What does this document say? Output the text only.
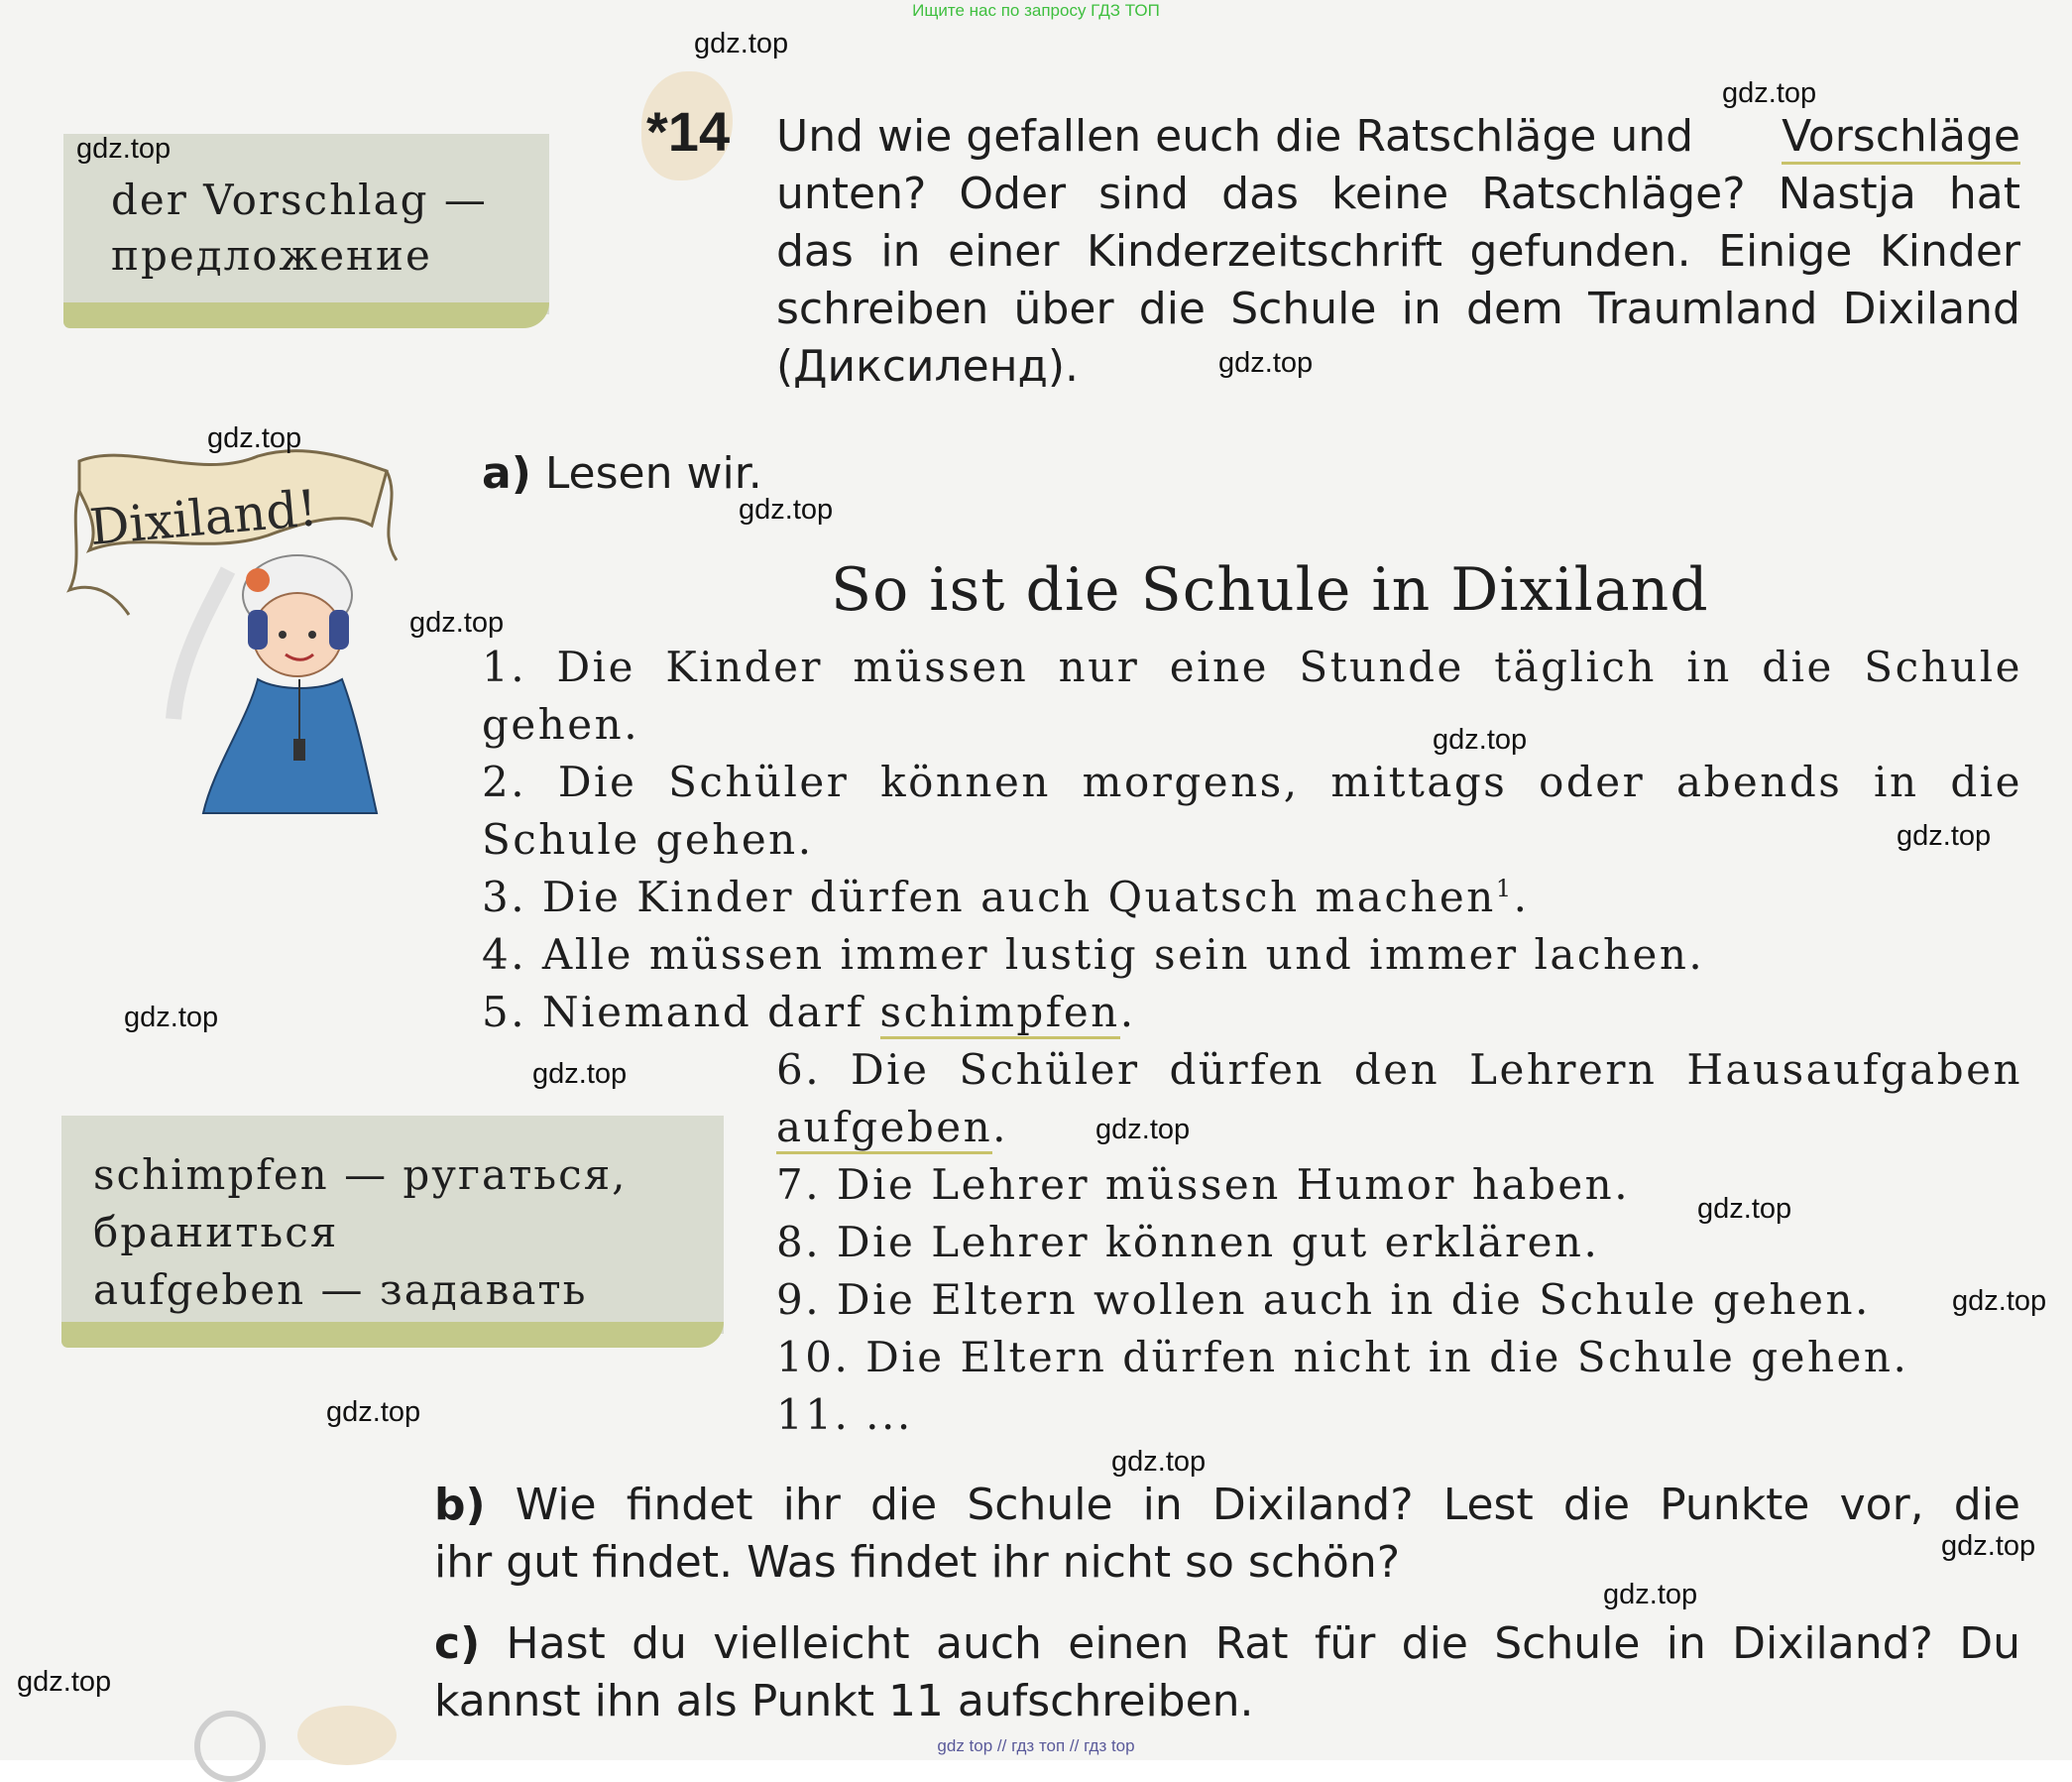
Ищите нас по запросу ГДЗ ТОП
der Vorschlag —
предложение
*14 Und wie gefallen euch die Ratschläge und Vorschläge
unten? Oder sind das keine Ratschläge? Nastja hat
das in einer Kinderzeitschrift gefunden. Einige Kinder
schreiben über die Schule in dem Traumland Dixiland
(Диксиленд).
Dixiland!
a) Lesen wir.
So ist die Schule in Dixiland
1. Die Kinder müssen nur eine Stunde täglich in die Schule
gehen.
2. Die Schüler können morgens, mittags oder abends in die
Schule gehen.
3. Die Kinder dürfen auch Quatsch machen$^1$.
4. Alle müssen immer lustig sein und immer lachen.
5. Niemand darf schimpfen.
6. Die Schüler dürfen den Lehrern Hausaufgaben
aufgeben.
7. Die Lehrer müssen Humor haben.
8. Die Lehrer können gut erklären.
9. Die Eltern wollen auch in die Schule gehen.
10. Die Eltern dürfen nicht in die Schule gehen.
11. ...
schimpfen — ругаться,
браниться
aufgeben — задавать
b) Wie findet ihr die Schule in Dixiland? Lest die Punkte vor, die
ihr gut findet. Was findet ihr nicht so schön?
c) Hast du vielleicht auch einen Rat für die Schule in Dixiland? Du
kannst ihn als Punkt 11 aufschreiben.
gdz.top
gdz.top
gdz.top
gdz.top
gdz.top
gdz.top
gdz.top
gdz.top
gdz.top
gdz.top
gdz.top
gdz.top
gdz.top
gdz.top
gdz.top
gdz.top
gdz.top
gdz.top
gdz.top
gdz top // гдз топ // гдз top
